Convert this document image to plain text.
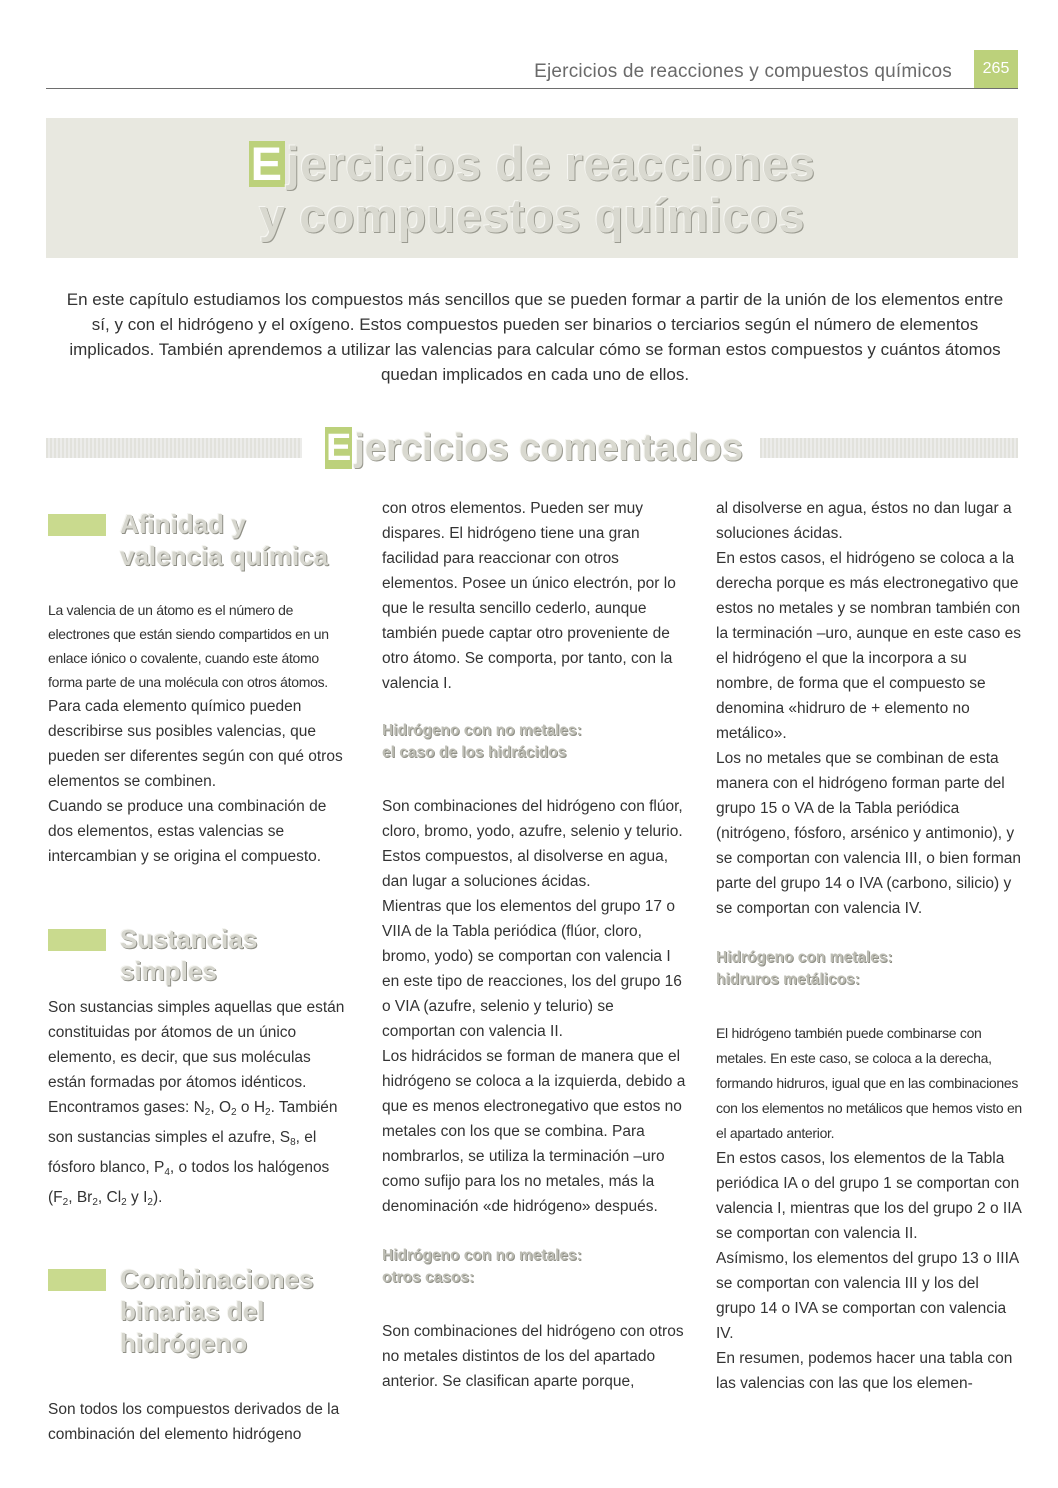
Ejercicios de reacciones y compuestos químicos	265
Ejercicios de reacciones
y compuestos químicos

En este capítulo estudiamos los compuestos más sencillos que se pueden formar a partir de la unión de los elementos entre sí, y con el hidrógeno y el oxígeno. Estos compuestos pueden ser binarios o terciarios según el número de elementos implicados. También aprendemos a utilizar las valencias para calcular cómo se forman estos compuestos y cuántos átomos quedan implicados en cada uno de ellos.

Ejercicios comentados
Afinidad y
valencia química

La valencia de un átomo es el número de electrones que están siendo compartidos en un enlace iónico o covalente, cuando este átomo forma parte de una molécula con otros átomos.

Para cada elemento químico pueden describirse sus posibles valencias, que pueden ser diferentes según con qué otros elementos se combinen.

Cuando se produce una combinación de dos elementos, estas valencias se intercambian y se origina el compuesto.

Sustancias
simples

Son sustancias simples aquellas que están constituidas por átomos de un único elemento, es decir, que sus moléculas están formadas por átomos idénticos. Encontramos gases: $N_2$, $O_2$ o $H_2$. También son sustancias simples el azufre, $S_8$, el fósforo blanco, $P_4$, o todos los halógenos ($F_2$, $Br_2$, $Cl_2$ y $I_2$).

Combinaciones
binarias del
hidrógeno

Son todos los compuestos derivados de la combinación del elemento hidrógeno

con otros elementos. Pueden ser muy dispares. El hidrógeno tiene una gran facilidad para reaccionar con otros elementos. Posee un único electrón, por lo que le resulta sencillo cederlo, aunque también puede captar otro proveniente de otro átomo. Se comporta, por tanto, con la valencia I.

Hidrógeno con no metales:
el caso de los hidrácidos

Son combinaciones del hidrógeno con flúor, cloro, bromo, yodo, azufre, selenio y telurio. Estos compuestos, al disolverse en agua, dan lugar a soluciones ácidas.

Mientras que los elementos del grupo 17 o VIIA de la Tabla periódica (flúor, cloro, bromo, yodo) se comportan con valencia I en este tipo de reacciones, los del grupo 16 o VIA (azufre, selenio y telurio) se comportan con valencia II.

Los hidrácidos se forman de manera que el hidrógeno se coloca a la izquierda, debido a que es menos electronegativo que estos no metales con los que se combina. Para nombrarlos, se utiliza la terminación –uro como sufijo para los no metales, más la denominación «de hidrógeno» después.

Hidrógeno con no metales:
otros casos:

Son combinaciones del hidrógeno con otros no metales distintos de los del apartado anterior. Se clasifican aparte porque,

al disolverse en agua, éstos no dan lugar a soluciones ácidas.

En estos casos, el hidrógeno se coloca a la derecha porque es más electronegativo que estos no metales y se nombran también con la terminación –uro, aunque en este caso es el hidrógeno el que la incorpora a su nombre, de forma que el compuesto se denomina «hidruro de + elemento no metálico».

Los no metales que se combinan de esta manera con el hidrógeno forman parte del grupo 15 o VA de la Tabla periódica (nitrógeno, fósforo, arsénico y antimonio), y se comportan con valencia III, o bien forman parte del grupo 14 o IVA (carbono, silicio) y se comportan con valencia IV.

Hidrógeno con metales:
hidruros metálicos:

El hidrógeno también puede combinarse con metales. En este caso, se coloca a la derecha, formando hidruros, igual que en las combinaciones con los elementos no metálicos que hemos visto en el apartado anterior.

En estos casos, los elementos de la Tabla periódica IA o del grupo 1 se comportan con valencia I, mientras que los del grupo 2 o IIA se comportan con valencia II.

Asímismo, los elementos del grupo 13 o IIIA se comportan con valencia III y los del grupo 14 o IVA se comportan con valencia IV.

En resumen, podemos hacer una tabla con las valencias con las que los elemen-
